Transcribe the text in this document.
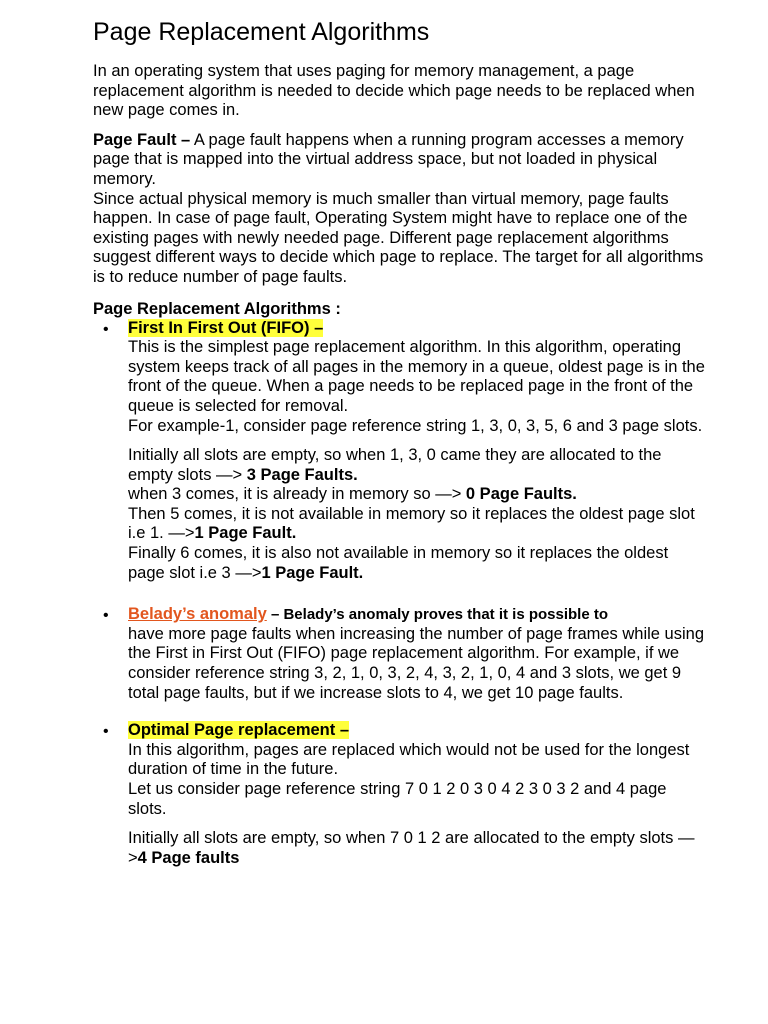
Page Replacement Algorithms

In an operating system that uses paging for memory management, a page replacement algorithm is needed to decide which page needs to be replaced when new page comes in.

Page Fault – A page fault happens when a running program accesses a memory page that is mapped into the virtual address space, but not loaded in physical memory.
Since actual physical memory is much smaller than virtual memory, page faults happen. In case of page fault, Operating System might have to replace one of the existing pages with newly needed page. Different page replacement algorithms suggest different ways to decide which page to replace. The target for all algorithms is to reduce number of page faults.

Page Replacement Algorithms :
• First In First Out (FIFO) –
This is the simplest page replacement algorithm. In this algorithm, operating system keeps track of all pages in the memory in a queue, oldest page is in the front of the queue. When a page needs to be replaced page in the front of the queue is selected for removal.
For example-1, consider page reference string 1, 3, 0, 3, 5, 6 and 3 page slots.

Initially all slots are empty, so when 1, 3, 0 came they are allocated to the empty slots —> 3 Page Faults.
when 3 comes, it is already in memory so —> 0 Page Faults.
Then 5 comes, it is not available in memory so it replaces the oldest page slot i.e 1. —>1 Page Fault.
Finally 6 comes, it is also not available in memory so it replaces the oldest page slot i.e 3 —>1 Page Fault.

• Belady’s anomaly – Belady’s anomaly proves that it is possible to
have more page faults when increasing the number of page frames while using the First in First Out (FIFO) page replacement algorithm. For example, if we consider reference string 3, 2, 1, 0, 3, 2, 4, 3, 2, 1, 0, 4 and 3 slots, we get 9 total page faults, but if we increase slots to 4, we get 10 page faults.

• Optimal Page replacement –
In this algorithm, pages are replaced which would not be used for the longest duration of time in the future.
Let us consider page reference string 7 0 1 2 0 3 0 4 2 3 0 3 2 and 4 page slots.

Initially all slots are empty, so when 7 0 1 2 are allocated to the empty slots —>4 Page faults
